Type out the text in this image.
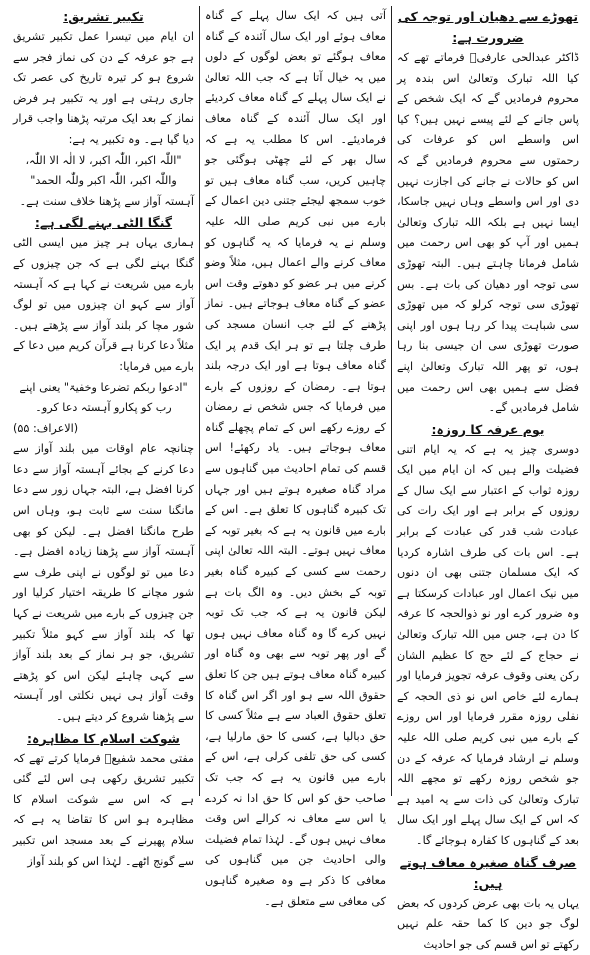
تھوڑے سے دھیان اور توجہ کی ضرورت ہے:

ڈاکٹر عبدالحی عارفیؒ فرماتے تھے کہ کیا اللہ تبارک وتعالیٰ اس بندہ پر محروم فرمادیں گے کہ ایک شخص کے پاس جانے کے لئے پیسے نہیں ہیں؟ کیا اس واسطے اس کو عرفات کی رحمتوں سے محروم فرمادیں گے کہ اس کو حالات نے جانے کی اجازت نہیں دی اور اس واسطے وہاں نہیں جاسکا، ایسا نہیں ہے بلکہ اللہ تبارک وتعالیٰ ہمیں اور آپ کو بھی اس رحمت میں شامل فرمانا چاہتے ہیں۔ البتہ تھوڑی سی توجہ اور دھیان کی بات ہے۔ بس تھوڑی سی توجہ کرلو کہ میں تھوڑی سی شباہت پیدا کر رہا ہوں اور اپنی صورت تھوڑی سی ان جیسی بنا رہا ہوں، تو پھر اللہ تبارک وتعالیٰ اپنے فضل سے ہمیں بھی اس رحمت میں شامل فرمادیں گے۔

یوم عرفہ کا روزہ:

دوسری چیز یہ ہے کہ یہ ایام اتنی فضیلت والے ہیں کہ ان ایام میں ایک روزہ ثواب کے اعتبار سے ایک سال کے روزوں کے برابر ہے اور ایک رات کی عبادت شب قدر کی عبادت کے برابر ہے۔ اس بات کی طرف اشارہ کردیا کہ ایک مسلمان جتنی بھی ان دنوں میں نیک اعمال اور عبادات کرسکتا ہے وہ ضرور کرے اور نو ذوالحجہ کا عرفہ کا دن ہے، جس میں اللہ تبارک وتعالیٰ نے حجاج کے لئے حج کا عظیم الشان رکن یعنی وقوف عرفہ تجویز فرمایا اور ہمارے لئے خاص اس نو ذی الحجہ کے نفلی روزہ مقرر فرمایا اور اس روزے کے بارے میں نبی کریم صلی اللہ علیہ وسلم نے ارشاد فرمایا کہ عرفہ کے دن جو شخص روزہ رکھے تو مجھے اللہ تبارک وتعالیٰ کی ذات سے یہ امید ہے کہ اس کے ایک سال پہلے اور ایک سال بعد کے گناہوں کا کفارہ ہوجائے گا۔

صرف گناہ صغیرہ معاف ہوتے ہیں:

یہاں یہ بات بھی عرض کردوں کہ بعض لوگ جو دین کا کما حقہ علم نہیں رکھتے تو اس قسم کی جو احادیث

آتی ہیں کہ ایک سال پہلے کے گناہ معاف ہوئے اور ایک سال آئندہ کے گناہ معاف ہوگئے تو بعض لوگوں کے دلوں میں یہ خیال آتا ہے کہ جب اللہ تعالیٰ نے ایک سال پہلے کے گناہ معاف کردیئے اور ایک سال آئندہ کے گناہ معاف فرمادیئے۔ اس کا مطلب یہ ہے کہ سال بھر کے لئے چھٹی ہوگئی جو چاہیں کریں، سب گناہ معاف ہیں تو خوب سمجھ لیجئے جتنی دین اعمال کے بارے میں نبی کریم صلی اللہ علیہ وسلم نے یہ فرمایا کہ یہ گناہوں کو معاف کرنے والے اعمال ہیں، مثلاً وضو کرنے میں ہر عضو کو دھوتے وقت اس عضو کے گناہ معاف ہوجاتے ہیں۔ نماز پڑھنے کے لئے جب انسان مسجد کی طرف چلتا ہے تو ہر ایک قدم پر ایک گناہ معاف ہوتا ہے اور ایک درجہ بلند ہوتا ہے۔ رمضان کے روزوں کے بارے میں فرمایا کہ جس شخص نے رمضان کے روزے رکھے اس کے تمام پچھلے گناہ معاف ہوجاتے ہیں۔ یاد رکھئے! اس قسم کی تمام احادیث میں گناہوں سے مراد گناہ صغیرہ ہوتے ہیں اور جہاں تک کبیرہ گناہوں کا تعلق ہے۔ اس کے بارے میں قانون یہ ہے کہ بغیر توبہ کے معاف نہیں ہوتے۔ البتہ اللہ تعالیٰ اپنی رحمت سے کسی کے کبیرہ گناہ بغیر توبہ کے بخش دیں۔ وہ الگ بات ہے لیکن قانون یہ ہے کہ جب تک توبہ نہیں کرے گا وہ گناہ معاف نہیں ہوں گے اور پھر توبہ سے بھی وہ گناہ اور کبیرہ گناہ معاف ہوتے ہیں جن کا تعلق حقوق اللہ سے ہو اور اگر اس گناہ کا تعلق حقوق العباد سے ہے مثلاً کسی کا حق دبالیا ہے، کسی کا حق مارلیا ہے، کسی کی حق تلفی کرلی ہے، اس کے بارے میں قانون یہ ہے کہ جب تک صاحب حق کو اس کا حق ادا نہ کردے یا اس سے معاف نہ کرالے اس وقت معاف نہیں ہوں گے۔ لہٰذا تمام فضیلت والی احادیث جن میں گناہوں کی معافی کا ذکر ہے وہ صغیرہ گناہوں کی معافی سے متعلق ہے۔

تکبیر تشریق:

ان ایام میں تیسرا عمل تکبیر تشریق ہے جو عرفہ کے دن کی نماز فجر سے شروع ہو کر تیرہ تاریخ کی عصر تک جاری رہتی ہے اور یہ تکبیر ہر فرض نماز کے بعد ایک مرتبہ پڑھنا واجب قرار دیا گیا ہے۔ وہ تکبیر یہ ہے:

"اللّٰہ اکبر، اللّٰہ اکبر، لا الٰہ الا اللّٰہ، واللّٰہ اکبر، اللّٰہ اکبر وللّٰہ الحمد"

آہستہ آواز سے پڑھنا خلاف سنت ہے۔

گنگا الٹی بہنے لگی ہے:

ہماری یہاں ہر چیز میں ایسی الٹی گنگا بہنے لگی ہے کہ جن چیزوں کے بارے میں شریعت نے کہا ہے کہ آہستہ آواز سے کہو ان چیزوں میں تو لوگ شور مچا کر بلند آواز سے پڑھتے ہیں۔ مثلاً دعا کرنا ہے قرآن کریم میں دعا کے بارے میں فرمایا:

"ادعوا ربکم تضرعا وخفیۃ" یعنی اپنے رب کو پکارو آہستہ دعا کرو۔

(الاعراف: ۵۵)

چنانچہ عام اوقات میں بلند آواز سے دعا کرنے کے بجائے آہستہ آواز سے دعا کرنا افضل ہے، البتہ جہاں زور سے دعا مانگنا سنت سے ثابت ہو، وہاں اس طرح مانگنا افضل ہے۔ لیکن کو بھی آہستہ آواز سے پڑھنا زیادہ افضل ہے۔ دعا میں تو لوگوں نے اپنی طرف سے شور مچانے کا طریقہ اختیار کرلیا اور جن چیزوں کے بارے میں شریعت نے کہا تھا کہ بلند آواز سے کہو مثلاً تکبیر تشریق، جو ہر نماز کے بعد بلند آواز سے کہی چاہئے لیکن اس کو پڑھتے وقت آواز ہی نہیں نکلتی اور آہستہ سے پڑھنا شروع کر دیتے ہیں۔

شوکت اسلام کا مظاہرہ:

مفتی محمد شفیعؒ فرمایا کرتے تھے کہ تکبیر تشریق رکھی ہی اس لئے گئی ہے کہ اس سے شوکت اسلام کا مظاہرہ ہو اس کا تقاضا یہ ہے کہ سلام پھیرنے کے بعد مسجد اس تکبیر سے گونج اٹھے۔ لہٰذا اس کو بلند آواز
